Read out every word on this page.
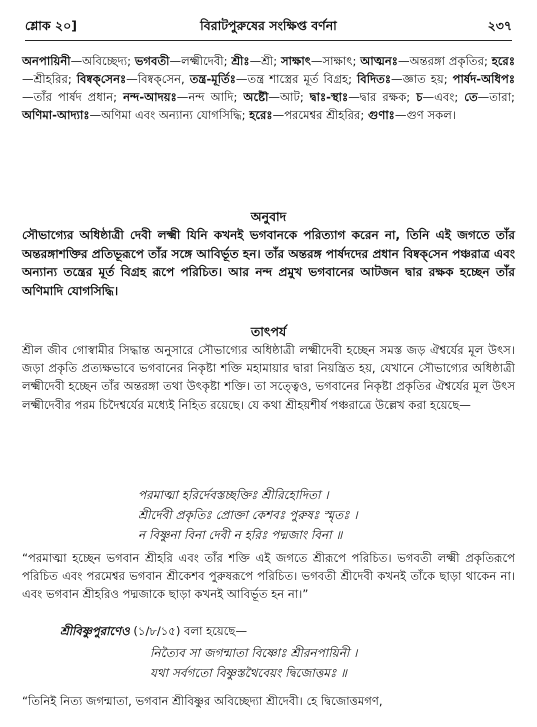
শ্লোক ২০]	বিরাটপুরুষের সংক্ষিপ্ত বর্ণনা	২৩৭
অনপায়িনী—অবিচ্ছেদ্য; ভগবতী—লক্ষ্মীদেবী; শ্রীঃ—শ্রী; সাক্ষাৎ—সাক্ষাৎ; আত্মনঃ—অন্তরঙ্গা প্রকৃতির; হরেঃ—শ্রীহরির; বিষ্বক্‌সেনঃ—বিষ্বক্‌সেন, তন্ত্র-মূর্তিঃ—তন্ত্র শাস্ত্রের মূর্ত বিগ্রহ; বিদিতঃ—জ্ঞাত হয়; পার্ষদ-অধিপঃ—তাঁর পার্ষদ প্রধান; নন্দ-আদয়ঃ—নন্দ আদি; অষ্টৌ—আট; দ্বাঃ-স্থাঃ—দ্বার রক্ষক; চ—এবং; তে—তারা; অণিমা-আদ্যাঃ—অণিমা এবং অন্যান্য যোগসিদ্ধি; হরেঃ—পরমেশ্বর শ্রীহরির; গুণাঃ—গুণ সকল।
অনুবাদ
সৌভাগ্যের অধিষ্ঠাত্রী দেবী লক্ষ্মী যিনি কখনই ভগবানকে পরিত্যাগ করেন না, তিনি এই জগতে তাঁর অন্তরঙ্গাশক্তির প্রতিভূরূপে তাঁর সঙ্গে আবির্ভূত হন। তাঁর অন্তরঙ্গ পার্ষদদের প্রধান বিষ্বক্‌সেন পঞ্চরাত্র এবং অন্যান্য তন্ত্রের মূর্ত বিগ্রহ রূপে পরিচিত। আর নন্দ প্রমুখ ভগবানের আটজন দ্বার রক্ষক হচ্ছেন তাঁর অণিমাদি যোগসিদ্ধি।
তাৎপর্য
শ্রীল জীব গোস্বামীর সিদ্ধান্ত অনুসারে সৌভাগ্যের অধিষ্ঠাত্রী লক্ষ্মীদেবী হচ্ছেন সমস্ত জড় ঐশ্বর্যের মূল উৎস। জড়া প্রকৃতি প্রত্যক্ষভাবে ভগবানের নিকৃষ্টা শক্তি মহামায়ার দ্বারা নিয়ন্ত্রিত হয়, যেখানে সৌভাগ্যের অধিষ্ঠাত্রী লক্ষ্মীদেবী হচ্ছেন তাঁর অন্তরঙ্গা তথা উৎকৃষ্টা শক্তি। তা সত্ত্বেও, ভগবানের নিকৃষ্টা প্রকৃতির ঐশ্বর্যের মূল উৎস লক্ষ্মীদেবীর পরম চিদৈশ্বর্যের মধ্যেই নিহিত রয়েছে। যে কথা শ্রীহয়শীর্ষ পঞ্চরাত্রে উল্লেখ করা হয়েছে—
পরমাত্মা হরির্দেবস্তচ্ছক্তিঃ শ্রীরিহোদিতা ।
শ্রীর্দেবী প্রকৃতিঃ প্রোক্তা কেশবঃ পুরুষঃ স্মৃতঃ ।
ন বিষ্ণুনা বিনা দেবী ন হরিঃ পদ্মজাং বিনা ॥
“পরমাত্মা হচ্ছেন ভগবান শ্রীহরি এবং তাঁর শক্তি এই জগতে শ্রীরূপে পরিচিত। ভগবতী লক্ষ্মী প্রকৃতিরূপে পরিচিত এবং পরমেশ্বর ভগবান শ্রীকেশব পুরুষরূপে পরিচিত। ভগবতী শ্রীদেবী কখনই তাঁকে ছাড়া থাকেন না। এবং ভগবান শ্রীহরিও পদ্মজাকে ছাড়া কখনই আবির্ভূত হন না।”
শ্রীবিষ্ণুপুরাণেও (১/৮/১৫) বলা হয়েছে—
নিত্যৈব সা জগন্মাতা বিষ্ণোঃ শ্রীরনপায়িনী ।
যথা সর্বগতো বিষ্ণুস্তথৈবেয়ং দ্বিজোত্তমঃ ॥
“তিনিই নিত্য জগন্মাতা, ভগবান শ্রীবিষ্ণুর অবিচ্ছেদ্যা শ্রীদেবী। হে দ্বিজোত্তমগণ,
